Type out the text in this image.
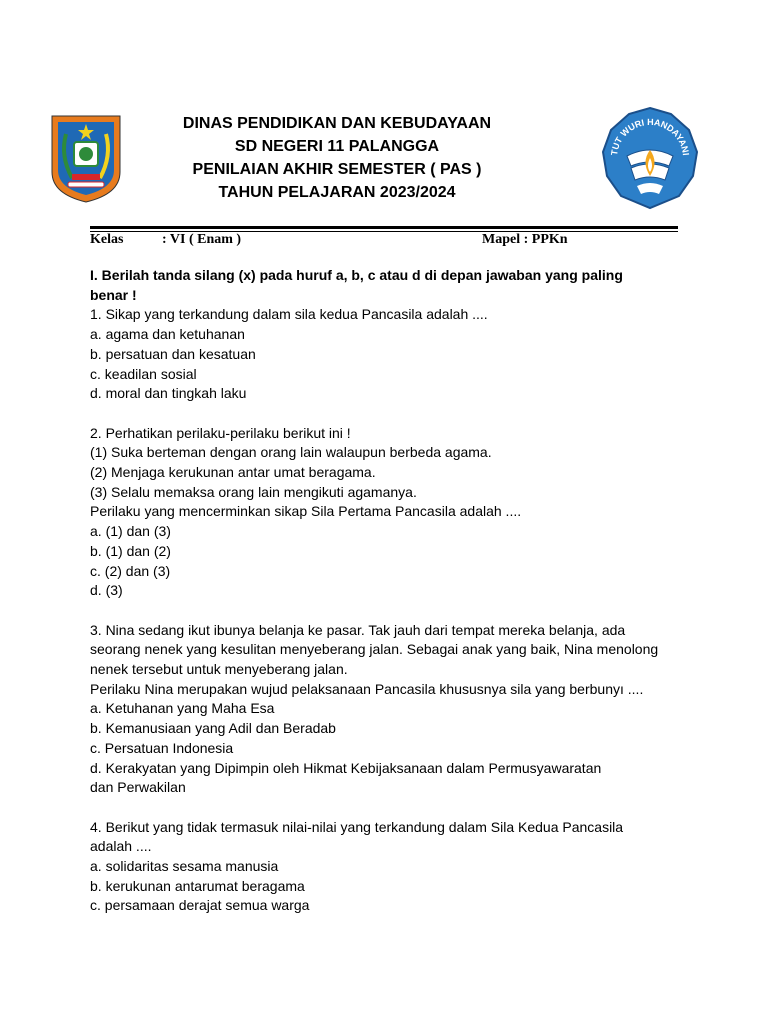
DINAS PENDIDIKAN DAN KEBUDAYAAN
SD NEGERI 11 PALANGGA
PENILAIAN AKHIR SEMESTER ( PAS )
TAHUN PELAJARAN 2023/2024
TUT WURI HANDAYANI
Kelas	: VI ( Enam )	Mapel : PPKn
I. Berilah tanda silang (x) pada huruf a, b, c atau d di depan jawaban yang paling
benar !
1. Sikap yang terkandung dalam sila kedua Pancasila adalah ....
a. agama dan ketuhanan
b. persatuan dan kesatuan
c. keadilan sosial
d. moral dan tingkah laku
2. Perhatikan perilaku-perilaku berikut ini !
(1) Suka berteman dengan orang lain walaupun berbeda agama.
(2) Menjaga kerukunan antar umat beragama.
(3) Selalu memaksa orang lain mengikuti agamanya.
Perilaku yang mencerminkan sikap Sila Pertama Pancasila adalah ....
a. (1) dan (3)
b. (1) dan (2)
c. (2) dan (3)
d. (3)
3. Nina sedang ikut ibunya belanja ke pasar. Tak jauh dari tempat mereka belanja, ada
seorang nenek yang kesulitan menyeberang jalan. Sebagai anak yang baik, Nina menolong
nenek tersebut untuk menyeberang jalan.
Perilaku Nina merupakan wujud pelaksanaan Pancasila khususnya sila yang berbunyı ....
a. Ketuhanan yang Maha Esa
b. Kemanusiaan yang Adil dan Beradab
c. Persatuan Indonesia
d. Kerakyatan yang Dipimpin oleh Hikmat Kebijaksanaan dalam Permusyawaratan
dan Perwakilan
4. Berikut yang tidak termasuk nilai-nilai yang terkandung dalam Sila Kedua Pancasila
adalah ....
a. solidaritas sesama manusia
b. kerukunan antarumat beragama
c. persamaan derajat semua warga
